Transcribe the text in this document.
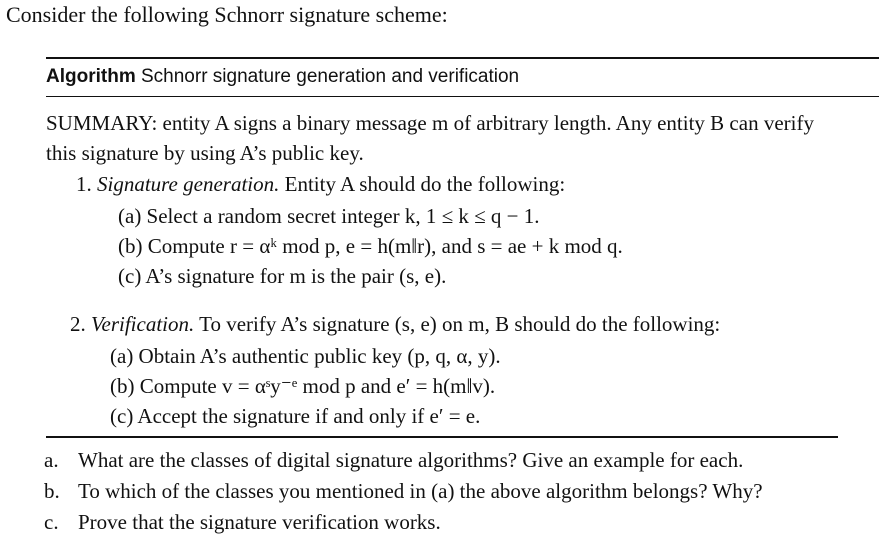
Consider the following Schnorr signature scheme:
Algorithm Schnorr signature generation and verification
SUMMARY: entity A signs a binary message m of arbitrary length. Any entity B can verify
this signature by using A’s public key.
1. Signature generation. Entity A should do the following:
(a) Select a random secret integer k, 1 ≤ k ≤ q − 1.
(b) Compute r = αᵏ mod p, e = h(m‖r), and s = ae + k mod q.
(c) A’s signature for m is the pair (s, e).
2. Verification. To verify A’s signature (s, e) on m, B should do the following:
(a) Obtain A’s authentic public key (p, q, α, y).
(b) Compute v = αˢy⁻ᵉ mod p and e′ = h(m‖v).
(c) Accept the signature if and only if e′ = e.
a. What are the classes of digital signature algorithms? Give an example for each.
b. To which of the classes you mentioned in (a) the above algorithm belongs? Why?
c. Prove that the signature verification works.
